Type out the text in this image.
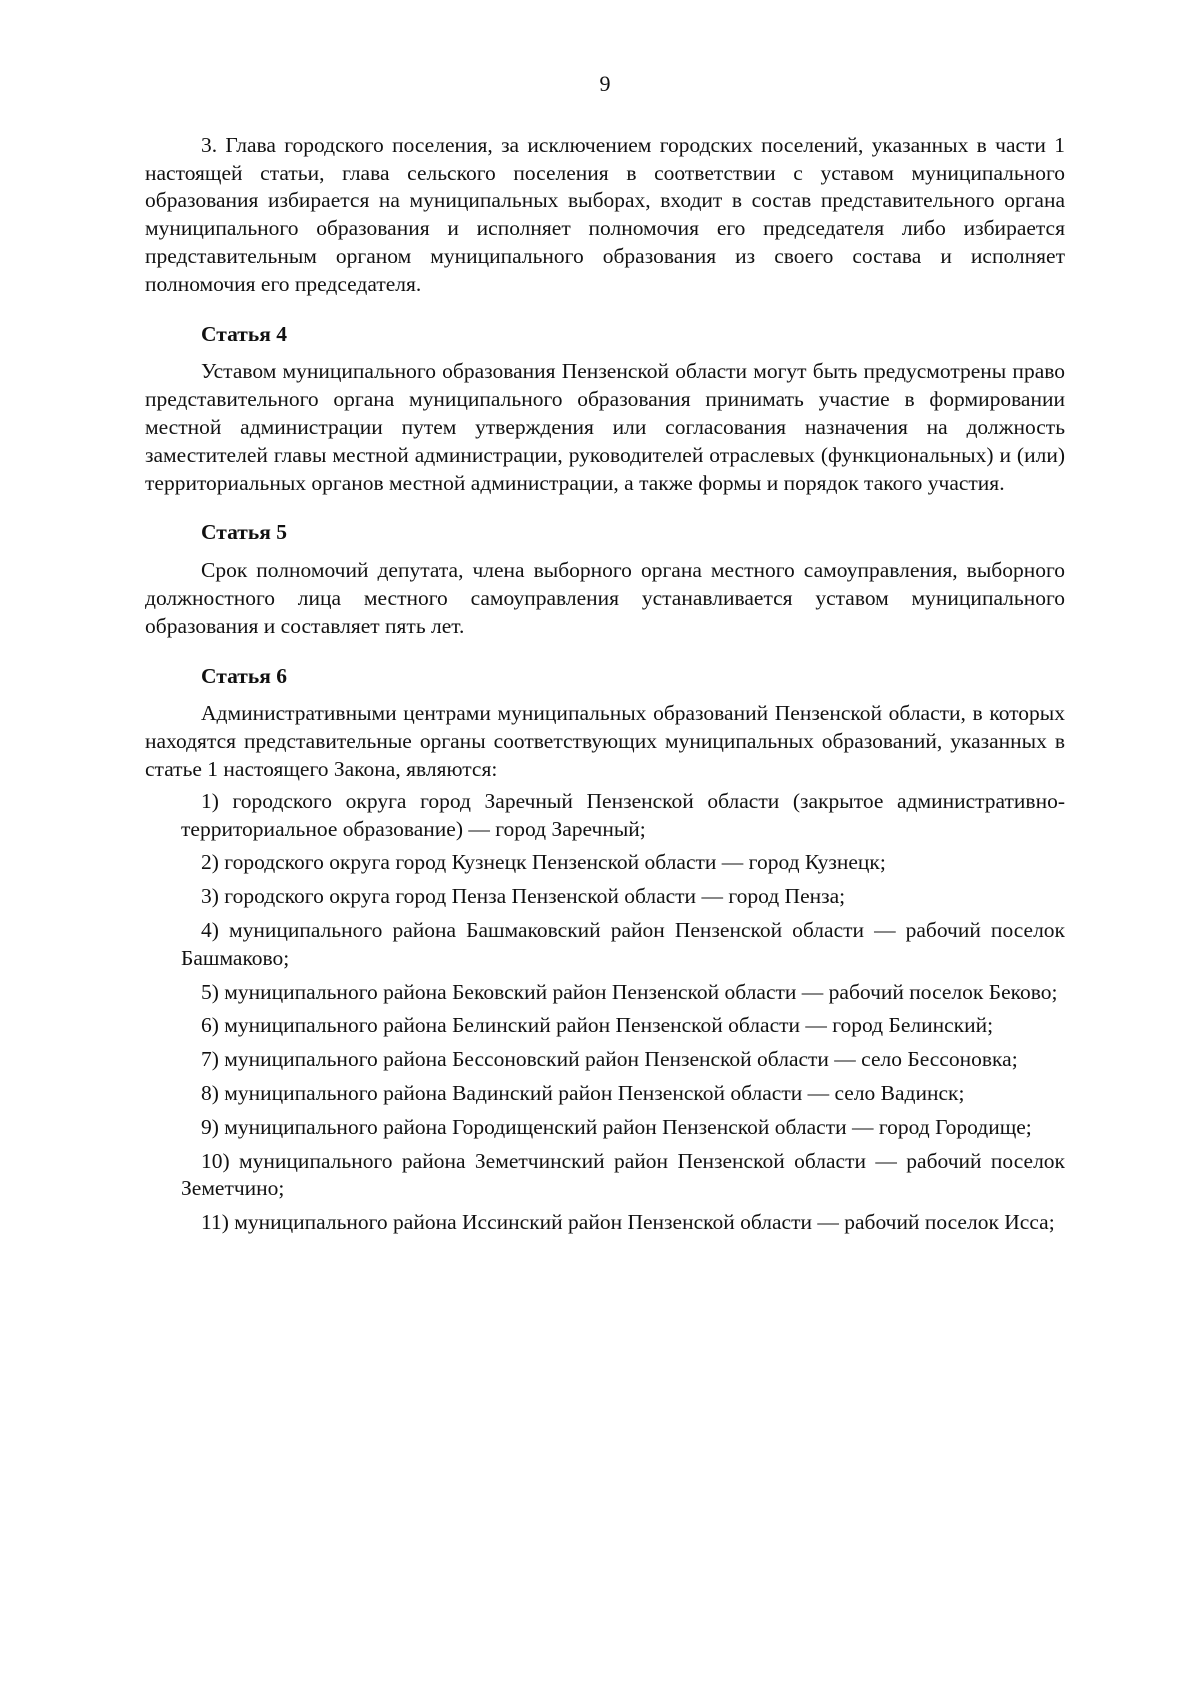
9

3. Глава городского поселения, за исключением городских поселений, указанных в части 1 настоящей статьи, глава сельского поселения в соответствии с уставом муниципального образования избирается на муниципальных выборах, входит в состав представительного органа муниципального образования и исполняет полномочия его председателя либо избирается представительным органом муниципального образования из своего состава и исполняет полномочия его председателя.

Статья 4

Уставом муниципального образования Пензенской области могут быть предусмотрены право представительного органа муниципального образования принимать участие в формировании местной администрации путем утверждения или согласования назначения на должность заместителей главы местной администрации, руководителей отраслевых (функциональных) и (или) территориальных органов местной администрации, а также формы и порядок такого участия.

Статья 5

Срок полномочий депутата, члена выборного органа местного самоуправления, выборного должностного лица местного самоуправления устанавливается уставом муниципального образования и составляет пять лет.

Статья 6

Административными центрами муниципальных образований Пензенской области, в которых находятся представительные органы соответствующих муниципальных образований, указанных в статье 1 настоящего Закона, являются:

1) городского округа город Заречный Пензенской области (закрытое административно-территориальное образование) — город Заречный;

2) городского округа город Кузнецк Пензенской области — город Кузнецк;

3) городского округа город Пенза Пензенской области — город Пенза;

4) муниципального района Башмаковский район Пензенской области — рабочий поселок Башмаково;

5) муниципального района Бековский район Пензенской области — рабочий поселок Беково;

6) муниципального района Белинский район Пензенской области — город Белинский;

7) муниципального района Бессоновский район Пензенской области — село Бессоновка;

8) муниципального района Вадинский район Пензенской области — село Вадинск;

9) муниципального района Городищенский район Пензенской области — город Городище;

10) муниципального района Земетчинский район Пензенской области — рабочий поселок Земетчино;

11) муниципального района Иссинский район Пензенской области — рабочий поселок Исса;
